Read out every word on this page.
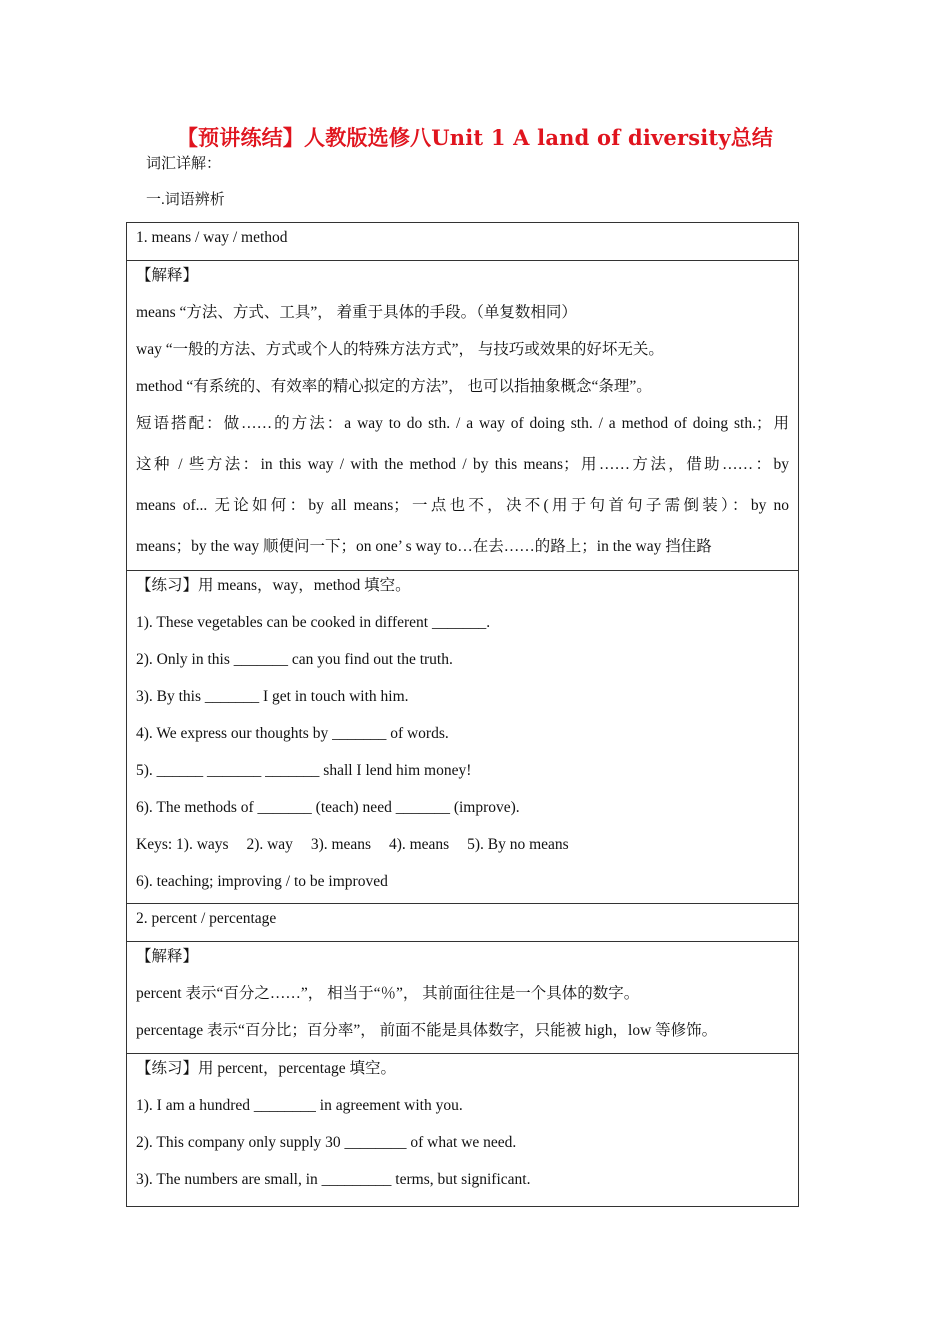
【预讲练结】人教版选修八Unit 1 A land of diversity总结
词汇详解：
一.词语辨析
1. means / way / method

【解释】
means “方法、方式、工具”， 着重于具体的手段。（单复数相同）
way “一般的方法、方式或个人的特殊方法方式”， 与技巧或效果的好坏无关。
method “有系统的、有效率的精心拟定的方法”， 也可以指抽象概念“条理”。
短语搭配：做……的方法：a way to do sth. / a way of doing sth. / a method of doing sth.；用
这种 / 些方法：in this way / with the method / by this means；用……方法，借助……：by
means of... 无论如何：by all means；一点也不，决不(用于句首句子需倒装）：by no
means；by the way 顺便问一下；on one’ s way to…在去……的路上；in the way 挡住路

【练习】用 means，way，method 填空。
1). These vegetables can be cooked in different _______.
2). Only in this _______ can you find out the truth.
3). By this _______ I get in touch with him.
4). We express our thoughts by _______ of words.
5). ______ _______ _______ shall I lend him money!
6). The methods of _______ (teach) need _______ (improve).
Keys: 1). ways 2). way 3). means 4). means 5). By no means
6). teaching; improving / to be improved

2. percent / percentage

【解释】
percent 表示“百分之……”， 相当于“％”， 其前面往往是一个具体的数字。
percentage 表示“百分比；百分率”， 前面不能是具体数字，只能被 high，low 等修饰。

【练习】用 percent，percentage 填空。
1). I am a hundred ________ in agreement with you.
2). This company only supply 30 ________ of what we need.
3). The numbers are small, in _________ terms, but significant.
